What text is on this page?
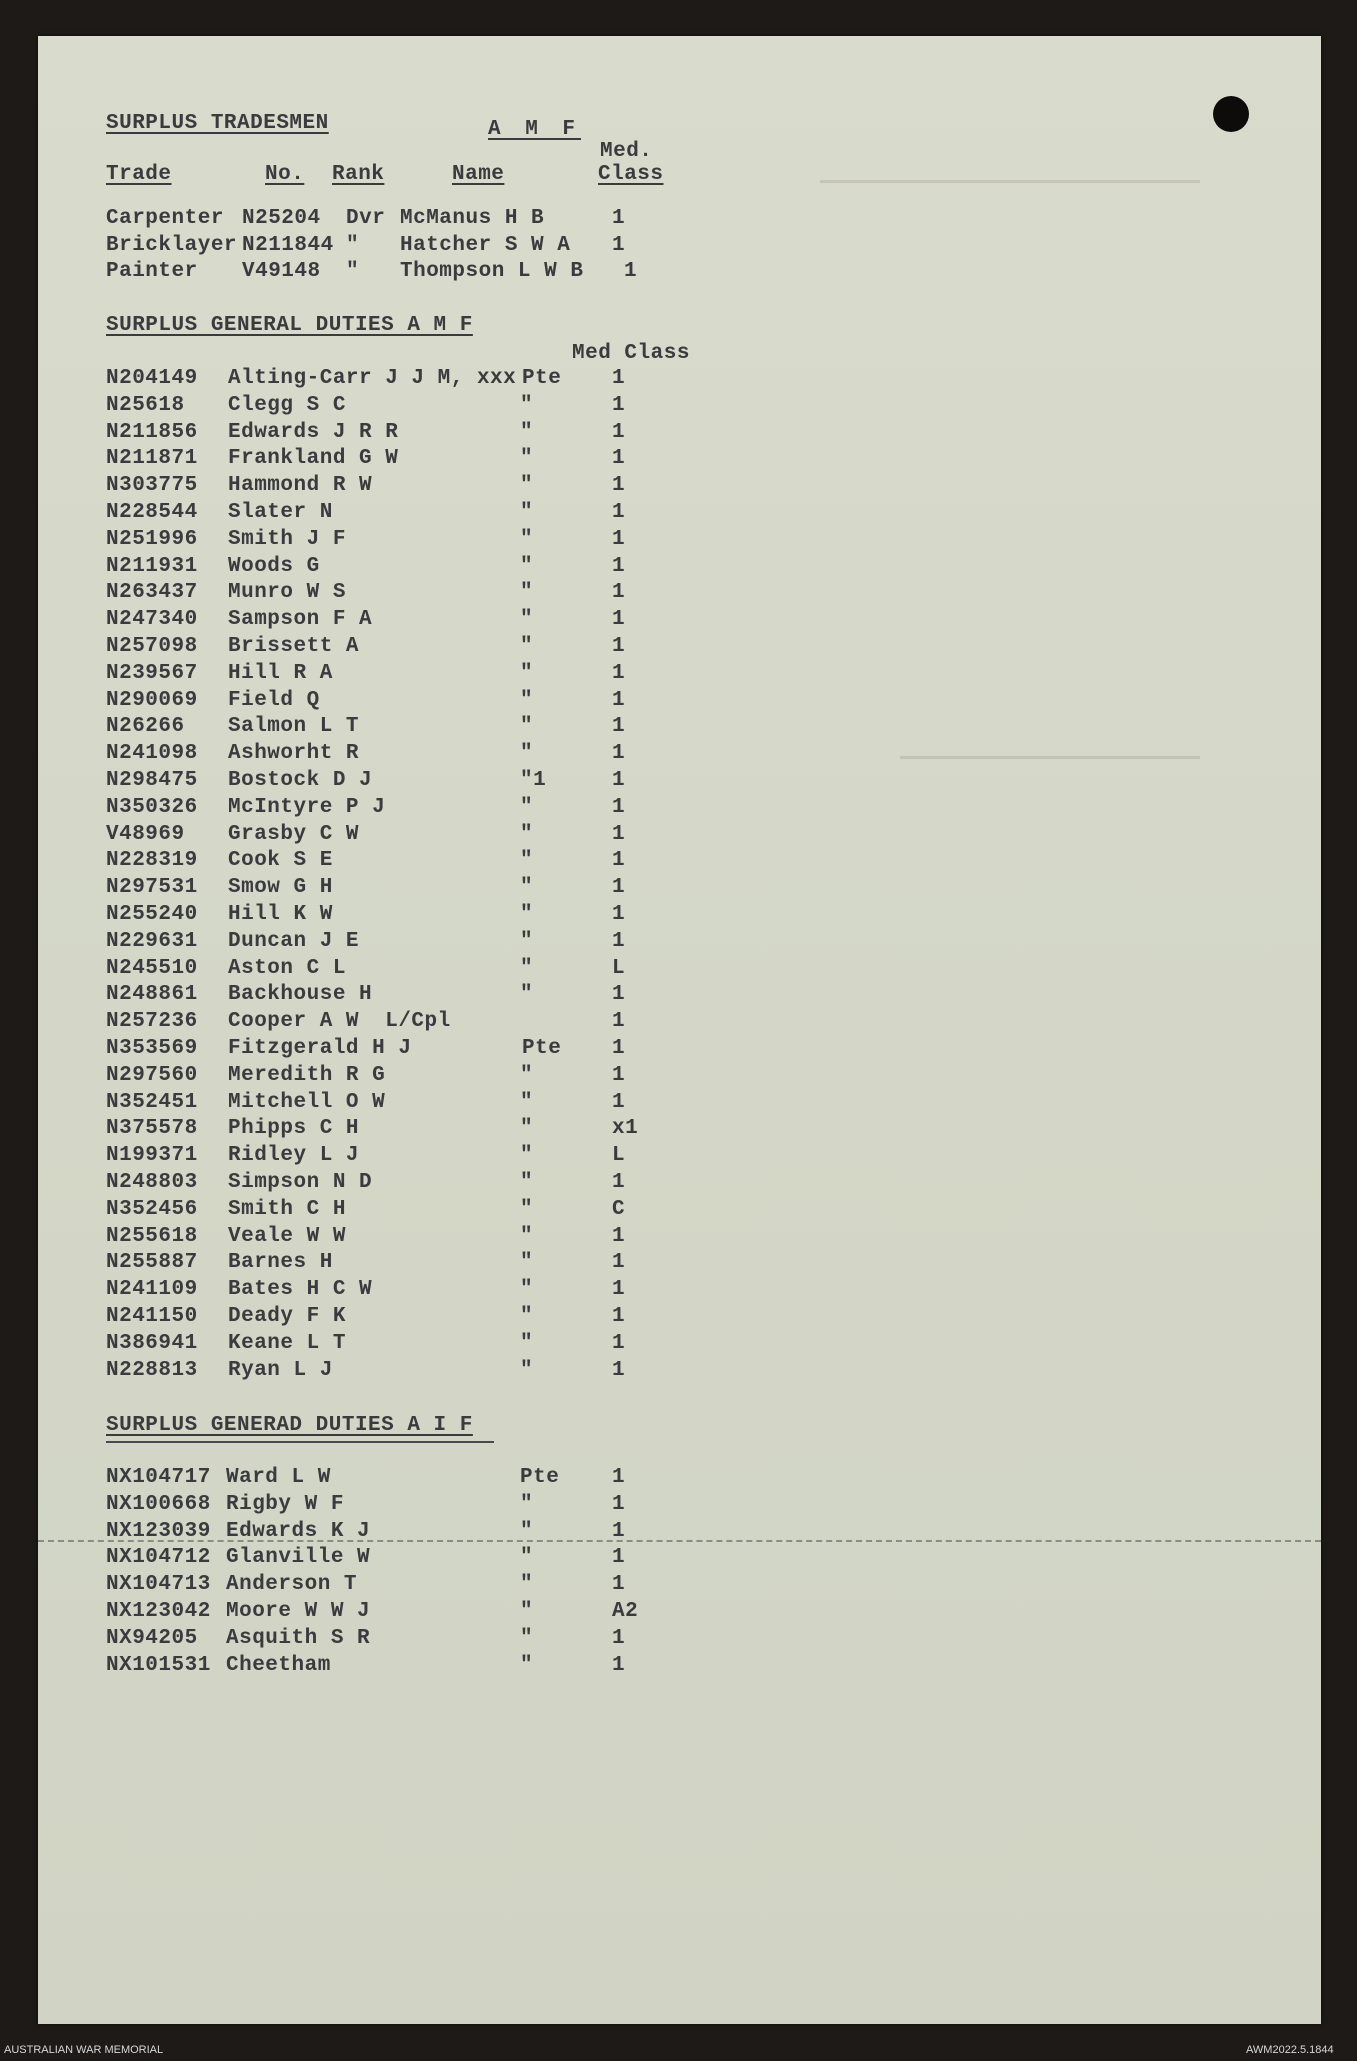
SURPLUS TRADESMEN	A M F
Trade	No. Rank	Name
Med.
Class
Carpenter N25204 Dvr McManus H B	1
Bricklayer N211844 " Hatcher S W A 1
Painter V49148 " Thompson L W B 1
SURPLUS GENERAL DUTIES A M F
Med Class
N204149 Alting-Carr J J M, xxx Pte 1
N25618 Clegg S C	"	1
N211856 Edwards J R R	"	1
N211871 Frankland G W	"	1
N303775 Hammond R W	"	1
N228544 Slater N	"	1
N251996 Smith J F	"	1
N211931 Woods G	"	1
N263437 Munro W S	"	1
N247340 Sampson F A	"	1
N257098 Brissett A	"	1
N239567 Hill R A	"	1
N290069 Field Q	"	1
N26266 Salmon L T	"	1
N241098 Ashworht R	"	1
N298475 Bostock D J	"1	1
N350326 McIntyre P J	"	1
V48969 Grasby C W	"	1
N228319 Cook S E	"	1
N297531 Smow G H	"	1
N255240 Hill K W	"	1
N229631 Duncan J E	"	1
N245510 Aston C L	"	L
N248861 Backhouse H	"	1
N257236 Cooper A W  L/Cpl	1
N353569 Fitzgerald H J	Pte 1
N297560 Meredith R G	"	1
N352451 Mitchell O W	"	1
N375578 Phipps C H	"	x1
N199371 Ridley L J	"	L
N248803 Simpson N D	"	1
N352456 Smith C H	"	C
N255618 Veale W W	"	1
N255887 Barnes H	"	1
N241109 Bates H C W	"	1
N241150 Deady F K	"	1
N386941 Keane L T	"	1
N228813 Ryan L J	"	1
SURPLUS GENERAD DUTIES A I F
NX104717 Ward L W	Pte	1
NX100668 Rigby W F	"	1
NX123039 Edwards K J	"	1
NX104712 Glanville W	"	1
NX104713 Anderson T	"	1
NX123042 Moore W W J	"	A2
NX94205 Asquith S R	"	1
NX101531 Cheetham	"	1
AUSTRALIAN WAR MEMORIAL	AWM2022.5.1844
